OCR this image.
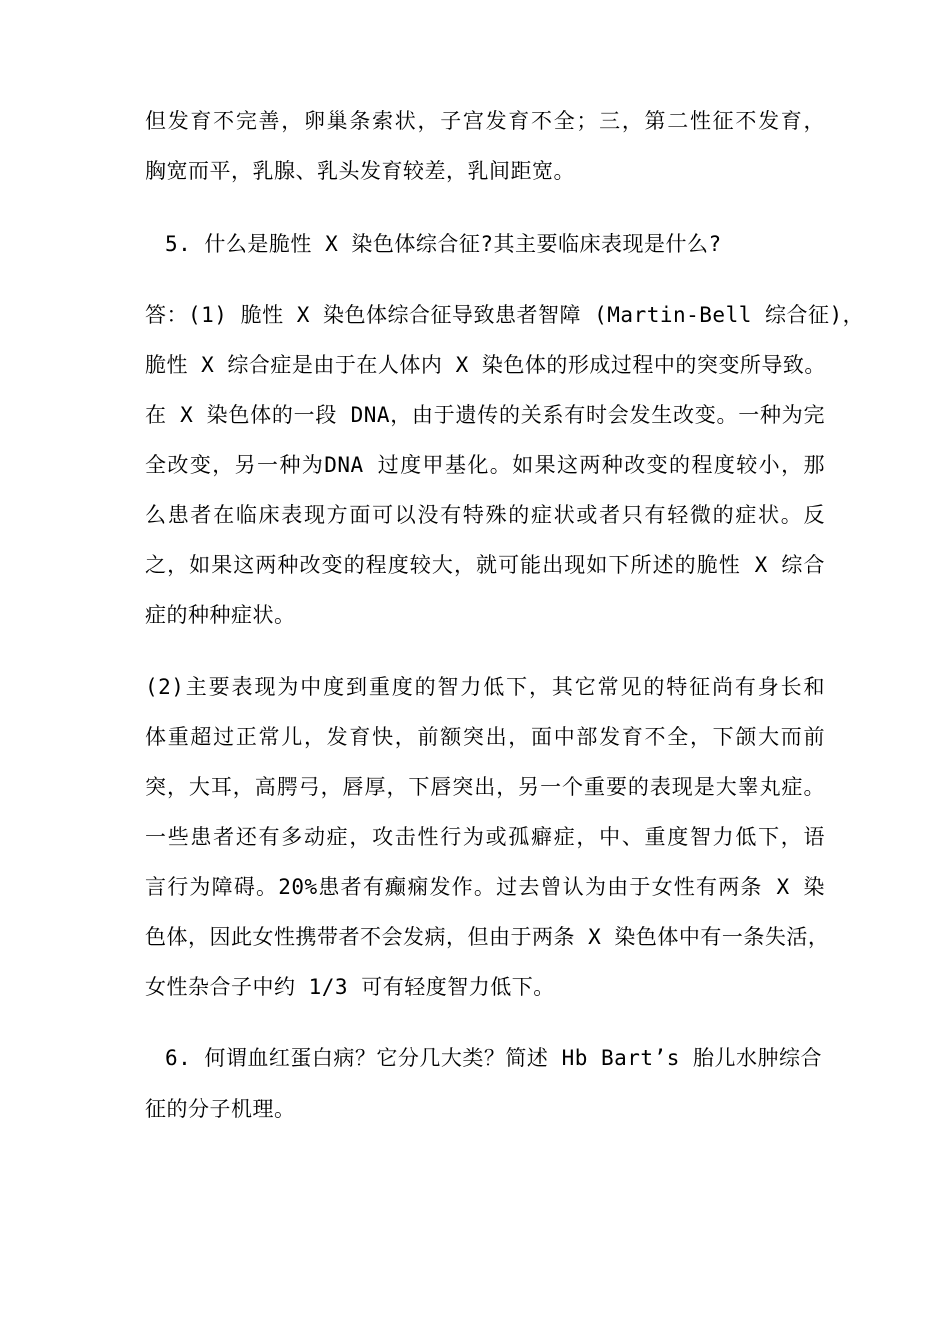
但发育不完善，卵巢条索状，子宫发育不全；三，第二性征不发育，
胸宽而平，乳腺、乳头发育较差，乳间距宽。
5. 什么是脆性 X 染色体综合征?其主要临床表现是什么?
答：(1) 脆性 X 染色体综合征导致患者智障 (Martin-Bell 综合征)，
脆性 X 综合症是由于在人体内 X 染色体的形成过程中的突变所导致。
在 X 染色体的一段 DNA，由于遗传的关系有时会发生改变。一种为完
全改变，另一种为DNA 过度甲基化。如果这两种改变的程度较小，那
么患者在临床表现方面可以没有特殊的症状或者只有轻微的症状。反
之，如果这两种改变的程度较大，就可能出现如下所述的脆性 X 综合
症的种种症状。
(2)主要表现为中度到重度的智力低下，其它常见的特征尚有身长和
体重超过正常儿，发育快，前额突出，面中部发育不全，下颌大而前
突，大耳，高腭弓，唇厚，下唇突出，另一个重要的表现是大睾丸症。
一些患者还有多动症，攻击性行为或孤癖症，中、重度智力低下，语
言行为障碍。20%患者有癫痫发作。过去曾认为由于女性有两条 X 染
色体，因此女性携带者不会发病，但由于两条 X 染色体中有一条失活，
女性杂合子中约 1/3 可有轻度智力低下。
6. 何谓血红蛋白病？它分几大类？简述 Hb Bart’s 胎儿水肿综合
征的分子机理。
